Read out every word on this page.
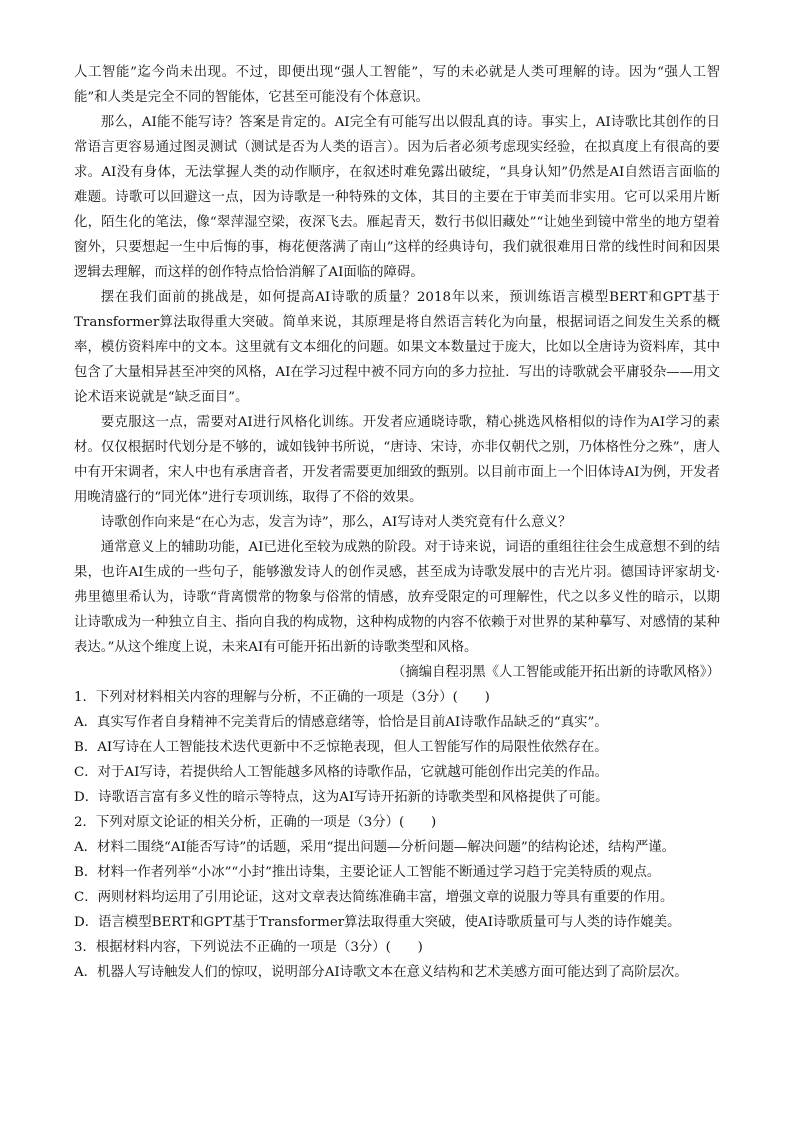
人工智能”迄今尚未出现。不过，即便出现“强人工智能”，写的未必就是人类可理解的诗。因为“强人工智能”和人类是完全不同的智能体，它甚至可能没有个体意识。

那么，AI能不能写诗？答案是肯定的。AI完全有可能写出以假乱真的诗。事实上，AI诗歌比其创作的日常语言更容易通过图灵测试（测试是否为人类的语言）。因为后者必须考虑现实经验，在拟真度上有很高的要求。AI没有身体，无法掌握人类的动作顺序，在叙述时难免露出破绽，“具身认知”仍然是AI自然语言面临的难题。诗歌可以回避这一点，因为诗歌是一种特殊的文体，其目的主要在于审美而非实用。它可以采用片断化，陌生化的笔法，像“翠萍湿空梁，夜深飞去。雁起青天，数行书似旧藏处”“让她坐到镜中常坐的地方望着窗外，只要想起一生中后悔的事，梅花便落满了南山”这样的经典诗句，我们就很难用日常的线性时间和因果逻辑去理解，而这样的创作特点恰恰消解了AI面临的障碍。

摆在我们面前的挑战是，如何提高AI诗歌的质量？2018年以来，预训练语言模型BERT和GPT基于Transformer算法取得重大突破。简单来说，其原理是将自然语言转化为向量，根据词语之间发生关系的概率，模仿资料库中的文本。这里就有文本细化的问题。如果文本数量过于庞大，比如以全唐诗为资料库，其中包含了大量相异甚至冲突的风格，AI在学习过程中被不同方向的多力拉扯．写出的诗歌就会平庸驳杂——用文论术语来说就是“缺乏面目”。

要克服这一点，需要对AI进行风格化训练。开发者应通晓诗歌，精心挑选风格相似的诗作为AI学习的素材。仅仅根据时代划分是不够的，诚如钱钟书所说，“唐诗、宋诗，亦非仅朝代之别，乃体格性分之殊”，唐人中有开宋调者，宋人中也有承唐音者，开发者需要更加细致的甄别。以目前市面上一个旧体诗AI为例，开发者用晚清盛行的“同光体”进行专项训练，取得了不俗的效果。

诗歌创作向来是“在心为志，发言为诗”，那么，AI写诗对人类究竟有什么意义？

通常意义上的辅助功能，AI已进化至较为成熟的阶段。对于诗来说，词语的重组往往会生成意想不到的结果，也许AI生成的一些句子，能够激发诗人的创作灵感，甚至成为诗歌发展中的吉光片羽。德国诗评家胡戈·弗里德里希认为，诗歌“背离惯常的物象与俗常的情感，放弃受限定的可理解性，代之以多义性的暗示，以期让诗歌成为一种独立自主、指向自我的构成物，这种构成物的内容不依赖于对世界的某种摹写、对感情的某种表达。”从这个维度上说，未来AI有可能开拓出新的诗歌类型和风格。

（摘编自程羽黑《人工智能或能开拓出新的诗歌风格》）

1．下列对材料相关内容的理解与分析，不正确的一项是（3分）(　　)

A．真实写作者自身精神不完美背后的情感意绪等，恰恰是目前AI诗歌作品缺乏的“真实”。

B．AI写诗在人工智能技术迭代更新中不乏惊艳表现，但人工智能写作的局限性依然存在。

C．对于AI写诗，若提供给人工智能越多风格的诗歌作品，它就越可能创作出完美的作品。

D．诗歌语言富有多义性的暗示等特点，这为AI写诗开拓新的诗歌类型和风格提供了可能。

2．下列对原文论证的相关分析，正确的一项是（3分）(　　)

A．材料二围绕“AI能否写诗”的话题，采用“提出问题—分析问题—解决问题”的结构论述，结构严谨。

B．材料一作者列举“小冰”“小封”推出诗集，主要论证人工智能不断通过学习趋于完美特质的观点。

C．两则材料均运用了引用论证，这对文章表达简练准确丰富，增强文章的说服力等具有重要的作用。

D．语言模型BERT和GPT基于Transformer算法取得重大突破，使AI诗歌质量可与人类的诗作媲美。

3．根据材料内容，下列说法不正确的一项是（3分）(　　)

A．机器人写诗触发人们的惊叹，说明部分AI诗歌文本在意义结构和艺术美感方面可能达到了高阶层次。
